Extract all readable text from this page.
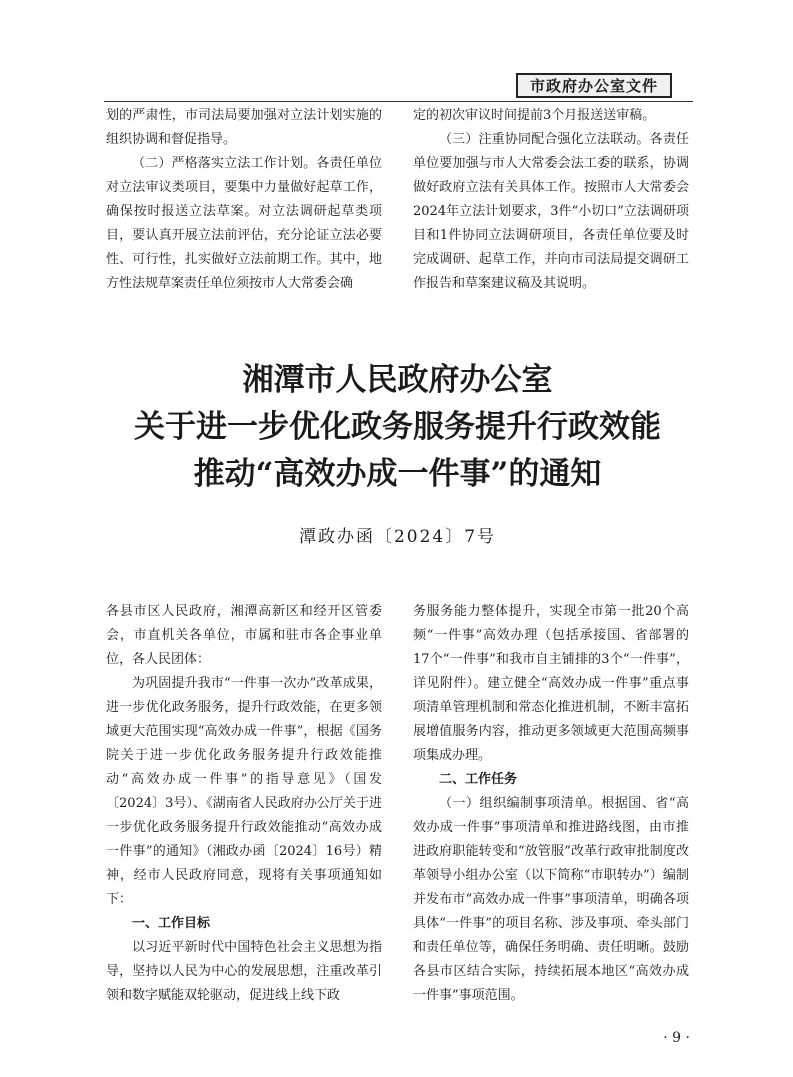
市政府办公室文件

划的严肃性，市司法局要加强对立法计划实施的组织协调和督促指导。

（二）严格落实立法工作计划。各责任单位对立法审议类项目，要集中力量做好起草工作，确保按时报送立法草案。对立法调研起草类项目，要认真开展立法前评估，充分论证立法必要性、可行性，扎实做好立法前期工作。其中，地方性法规草案责任单位须按市人大常委会确

定的初次审议时间提前3个月报送送审稿。

（三）注重协同配合强化立法联动。各责任单位要加强与市人大常委会法工委的联系，协调做好政府立法有关具体工作。按照市人大常委会2024年立法计划要求，3件“小切口”立法调研项目和1件协同立法调研项目，各责任单位要及时完成调研、起草工作，并向市司法局提交调研工作报告和草案建议稿及其说明。

湘潭市人民政府办公室
关于进一步优化政务服务提升行政效能
推动“高效办成一件事”的通知
潭政办函〔2024〕7号

各县市区人民政府，湘潭高新区和经开区管委会，市直机关各单位，市属和驻市各企事业单位，各人民团体：

为巩固提升我市“一件事一次办”改革成果，进一步优化政务服务，提升行政效能，在更多领域更大范围实现“高效办成一件事”，根据《国务院关于进一步优化政务服务提升行政效能推动“高效办成一件事”的指导意见》（国发〔2024〕3号）、《湖南省人民政府办公厅关于进一步优化政务服务提升行政效能推动“高效办成一件事”的通知》（湘政办函〔2024〕16号）精神，经市人民政府同意，现将有关事项通知如下：

一、工作目标

以习近平新时代中国特色社会主义思想为指导，坚持以人民为中心的发展思想，注重改革引领和数字赋能双轮驱动，促进线上线下政

务服务能力整体提升，实现全市第一批20个高频“一件事”高效办理（包括承接国、省部署的17个“一件事”和我市自主铺排的3个“一件事”，详见附件）。建立健全“高效办成一件事”重点事项清单管理机制和常态化推进机制，不断丰富拓展增值服务内容，推动更多领域更大范围高频事项集成办理。

二、工作任务

（一）组织编制事项清单。根据国、省“高效办成一件事”事项清单和推进路线图，由市推进政府职能转变和“放管服”改革行政审批制度改革领导小组办公室（以下简称“市职转办”）编制并发布市“高效办成一件事”事项清单，明确各项具体“一件事”的项目名称、涉及事项、牵头部门和责任单位等，确保任务明确、责任明晰。鼓励各县市区结合实际，持续拓展本地区“高效办成一件事”事项范围。

· 9 ·
